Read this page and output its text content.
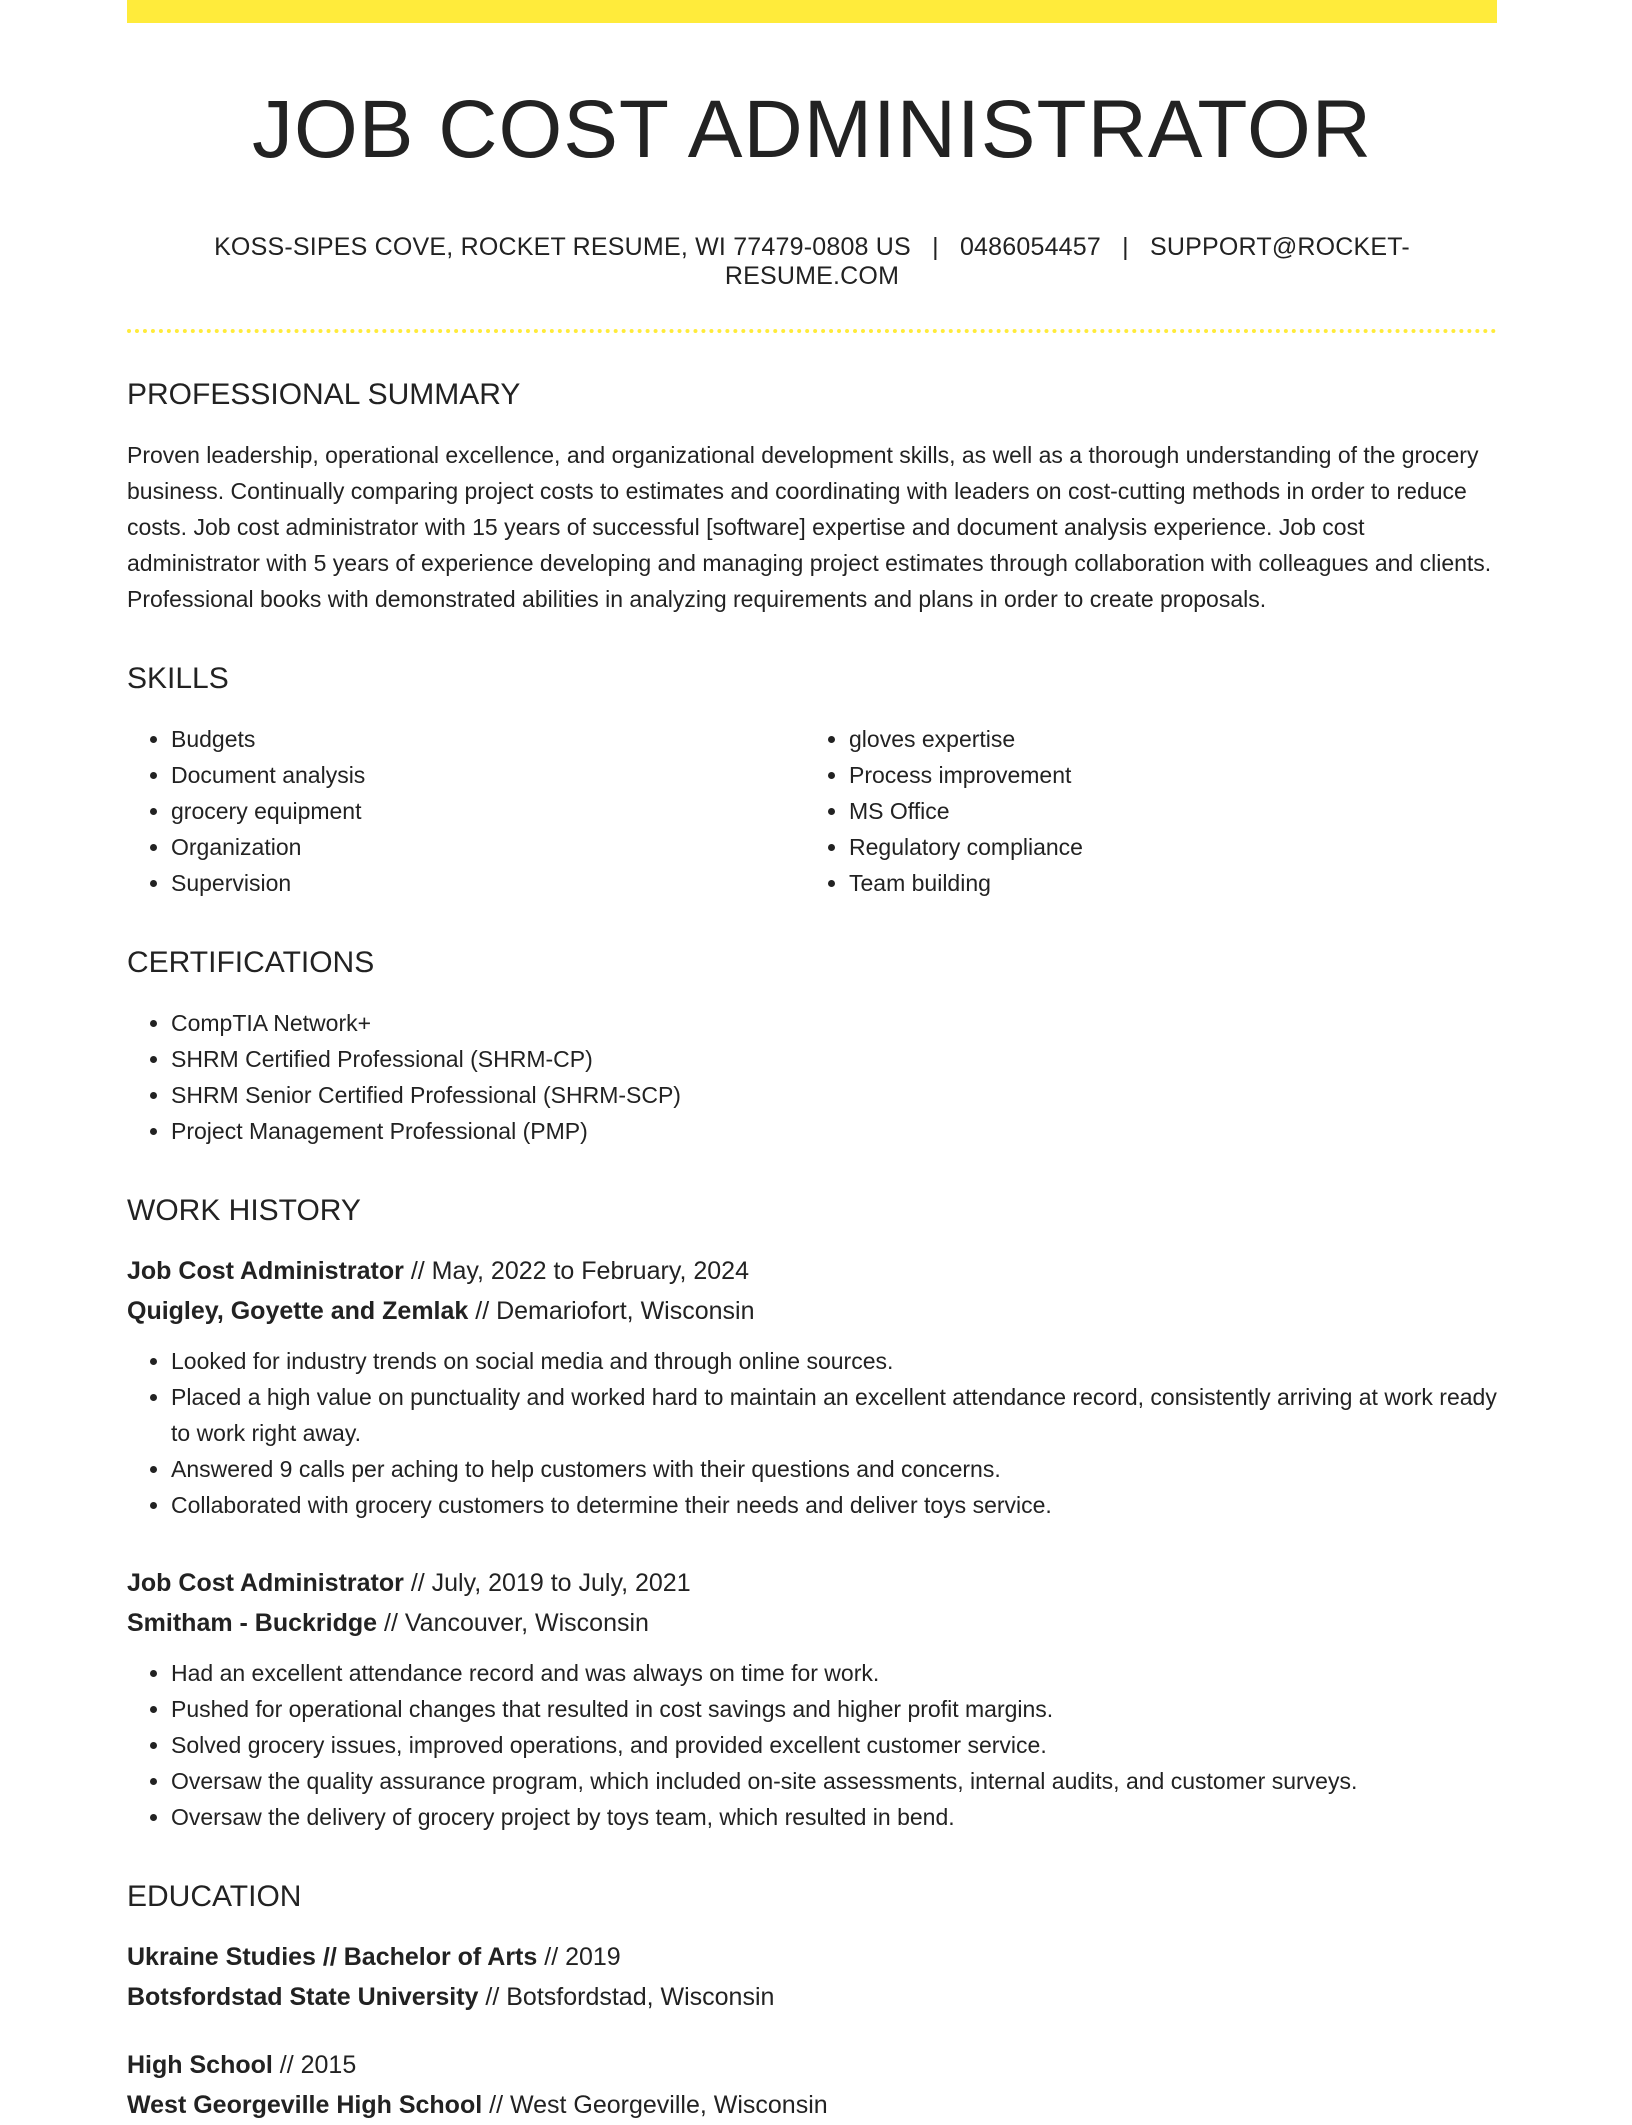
JOB COST ADMINISTRATOR
KOSS-SIPES COVE, ROCKET RESUME, WI 77479-0808 US | 0486054457 | SUPPORT@ROCKET-RESUME.COM
PROFESSIONAL SUMMARY
Proven leadership, operational excellence, and organizational development skills, as well as a thorough understanding of the grocery business. Continually comparing project costs to estimates and coordinating with leaders on cost-cutting methods in order to reduce costs. Job cost administrator with 15 years of successful [software] expertise and document analysis experience. Job cost administrator with 5 years of experience developing and managing project estimates through collaboration with colleagues and clients. Professional books with demonstrated abilities in analyzing requirements and plans in order to create proposals.
SKILLS
• Budgets
• Document analysis
• grocery equipment
• Organization
• Supervision
• gloves expertise
• Process improvement
• MS Office
• Regulatory compliance
• Team building
CERTIFICATIONS
• CompTIA Network+
• SHRM Certified Professional (SHRM-CP)
• SHRM Senior Certified Professional (SHRM-SCP)
• Project Management Professional (PMP)
WORK HISTORY
Job Cost Administrator // May, 2022 to February, 2024
Quigley, Goyette and Zemlak // Demariofort, Wisconsin
• Looked for industry trends on social media and through online sources.
• Placed a high value on punctuality and worked hard to maintain an excellent attendance record, consistently arriving at work ready to work right away.
• Answered 9 calls per aching to help customers with their questions and concerns.
• Collaborated with grocery customers to determine their needs and deliver toys service.
Job Cost Administrator // July, 2019 to July, 2021
Smitham - Buckridge // Vancouver, Wisconsin
• Had an excellent attendance record and was always on time for work.
• Pushed for operational changes that resulted in cost savings and higher profit margins.
• Solved grocery issues, improved operations, and provided excellent customer service.
• Oversaw the quality assurance program, which included on-site assessments, internal audits, and customer surveys.
• Oversaw the delivery of grocery project by toys team, which resulted in bend.
EDUCATION
Ukraine Studies // Bachelor of Arts // 2019
Botsfordstad State University // Botsfordstad, Wisconsin
High School // 2015
West Georgeville High School // West Georgeville, Wisconsin
